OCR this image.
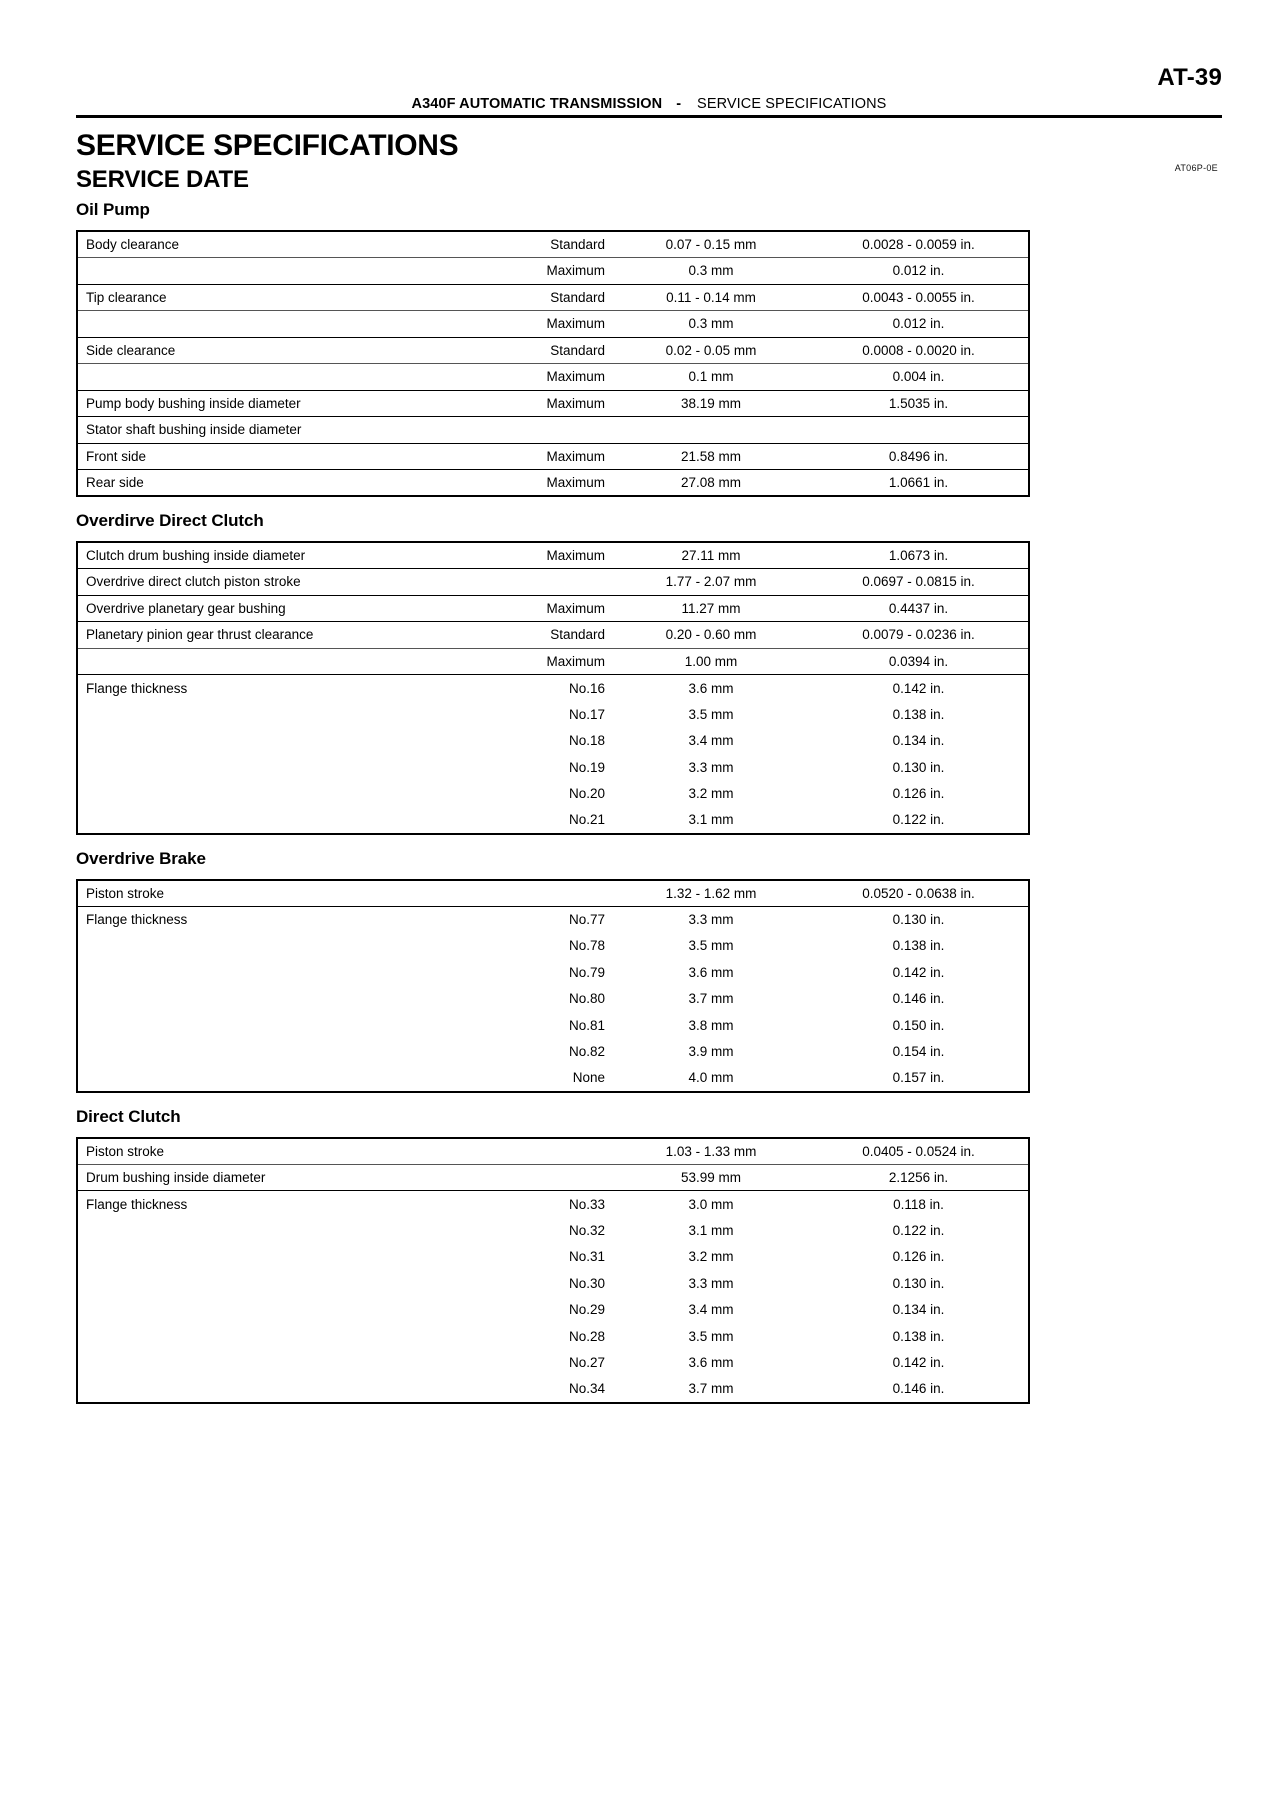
AT-39
A340F AUTOMATIC TRANSMISSION - SERVICE SPECIFICATIONS
SERVICE SPECIFICATIONS
SERVICE DATE	AT06P-0E
Oil Pump
Body clearance	Standard	0.07 - 0.15 mm	0.0028 - 0.0059 in.
	Maximum	0.3 mm	0.012 in.
Tip clearance	Standard	0.11 - 0.14 mm	0.0043 - 0.0055 in.
	Maximum	0.3 mm	0.012 in.
Side clearance	Standard	0.02 - 0.05 mm	0.0008 - 0.0020 in.
	Maximum	0.1 mm	0.004 in.
Pump body bushing inside diameter	Maximum	38.19 mm	1.5035 in.
Stator shaft bushing inside diameter			
Front side	Maximum	21.58 mm	0.8496 in.
Rear side	Maximum	27.08 mm	1.0661 in.
Overdirve Direct Clutch
Clutch drum bushing inside diameter	Maximum	27.11 mm	1.0673 in.
Overdrive direct clutch piston stroke		1.77 - 2.07 mm	0.0697 - 0.0815 in.
Overdrive planetary gear bushing	Maximum	11.27 mm	0.4437 in.
Planetary pinion gear thrust clearance	Standard	0.20 - 0.60 mm	0.0079 - 0.0236 in.
	Maximum	1.00 mm	0.0394 in.
Flange thickness	No.16	3.6 mm	0.142 in.
	No.17	3.5 mm	0.138 in.
	No.18	3.4 mm	0.134 in.
	No.19	3.3 mm	0.130 in.
	No.20	3.2 mm	0.126 in.
	No.21	3.1 mm	0.122 in.
Overdrive Brake
Piston stroke		1.32 - 1.62 mm	0.0520 - 0.0638 in.
Flange thickness	No.77	3.3 mm	0.130 in.
	No.78	3.5 mm	0.138 in.
	No.79	3.6 mm	0.142 in.
	No.80	3.7 mm	0.146 in.
	No.81	3.8 mm	0.150 in.
	No.82	3.9 mm	0.154 in.
	None	4.0 mm	0.157 in.
Direct Clutch
Piston stroke		1.03 - 1.33 mm	0.0405 - 0.0524 in.
Drum bushing inside diameter		53.99 mm	2.1256 in.
Flange thickness	No.33	3.0 mm	0.118 in.
	No.32	3.1 mm	0.122 in.
	No.31	3.2 mm	0.126 in.
	No.30	3.3 mm	0.130 in.
	No.29	3.4 mm	0.134 in.
	No.28	3.5 mm	0.138 in.
	No.27	3.6 mm	0.142 in.
	No.34	3.7 mm	0.146 in.
